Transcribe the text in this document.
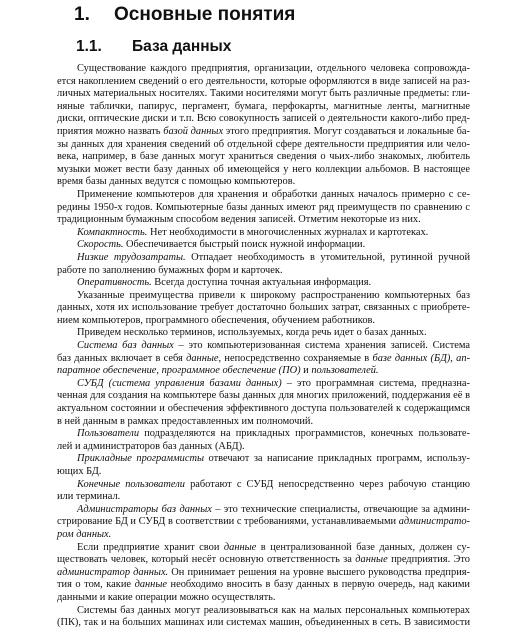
1. Основные понятия
1.1. База данных

Существование каждого предприятия, организации, отдельного человека сопровожда-
ется накоплением сведений о его деятельности, которые оформляются в виде записей на раз-
личных материальных носителях. Такими носителями могут быть различные предметы: гли-
няные таблички, папирус, пергамент, бумага, перфокарты, магнитные ленты, магнитные
диски, оптические диски и т.п. Всю совокупность записей о деятельности какого-либо пред-
приятия можно назвать базой данных этого предприятия. Могут создаваться и локальные ба-
зы данных для хранения сведений об отдельной сфере деятельности предприятия или чело-
века, например, в базе данных могут храниться сведения о чьих-либо знакомых, любитель
музыки может вести базу данных об имеющейся у него коллекции альбомов. В настоящее
время базы данных ведутся с помощью компьютеров.

Применение компьютеров для хранения и обработки данных началось примерно с се-
редины 1950-х годов. Компьютерные базы данных имеют ряд преимуществ по сравнению с
традиционным бумажным способом ведения записей. Отметим некоторые из них.

Компактность. Нет необходимости в многочисленных журналах и картотеках.

Скорость. Обеспечивается быстрый поиск нужной информации.

Низкие трудозатраты. Отпадает необходимость в утомительной, рутинной ручной
работе по заполнению бумажных форм и карточек.

Оперативность. Всегда доступна точная актуальная информация.

Указанные преимущества привели к широкому распространению компьютерных баз
данных, хотя их использование требует достаточно больших затрат, связанных с приобрете-
нием компьютеров, программного обеспечения, обучением работников.

Приведем несколько терминов, используемых, когда речь идет о базах данных.

Система баз данных – это компьютеризованная система хранения записей. Система
баз данных включает в себя данные, непосредственно сохраняемые в базе данных (БД), ап-
паратное обеспечение, программное обеспечение (ПО) и пользователей.

СУБД (система управления базами данных) – это программная система, предназна-
ченная для создания на компьютере базы данных для многих приложений, поддержания её в
актуальном состоянии и обеспечения эффективного доступа пользователей к содержащимся
в ней данным в рамках предоставленных им полномочий.

Пользователи подразделяются на прикладных программистов, конечных пользовате-
лей и администраторов баз данных (АБД).

Прикладные программисты отвечают за написание прикладных программ, использу-
ющих БД.

Конечные пользователи работают с СУБД непосредственно через рабочую станцию
или терминал.

Администраторы баз данных – это технические специалисты, отвечающие за админи-
стрирование БД и СУБД в соответствии с требованиями, устанавливаемыми администрато-
ром данных.

Если предприятие хранит свои данные в централизованной базе данных, должен су-
ществовать человек, который несёт основную ответственность за данные предприятия. Это
администратор данных. Он принимает решения на уровне высшего руководства предприя-
тия о том, какие данные необходимо вносить в базу данных в первую очередь, над какими
данными и какие операции можно осуществлять.

Системы баз данных могут реализовываться как на малых персональных компьютерах
(ПК), так и на больших машинах или системах машин, объединенных в сеть. В зависимости
